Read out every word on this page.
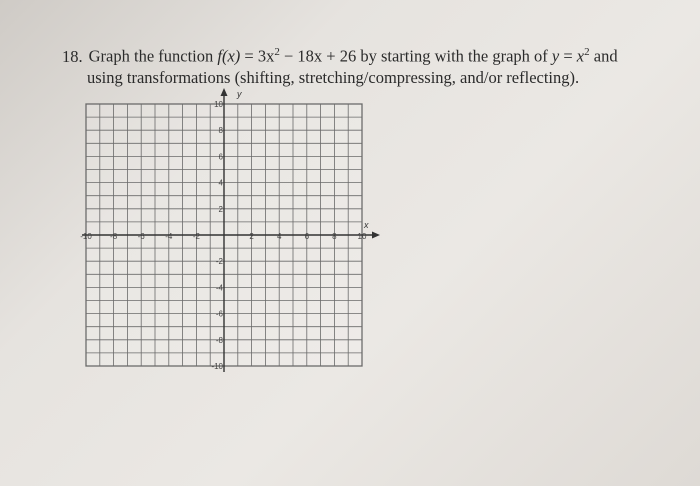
18. Graph the function $f(x) = 3x^2 - 18x + 26$ by starting with the graph of $y = x^2$ and
using transformations (shifting, stretching/compressing, and/or reflecting).
-10 -8	-6	-4	-2	2	4	6	8	10
10
8
6
4
2
-2
-4
-6
-8
-10
x
y
